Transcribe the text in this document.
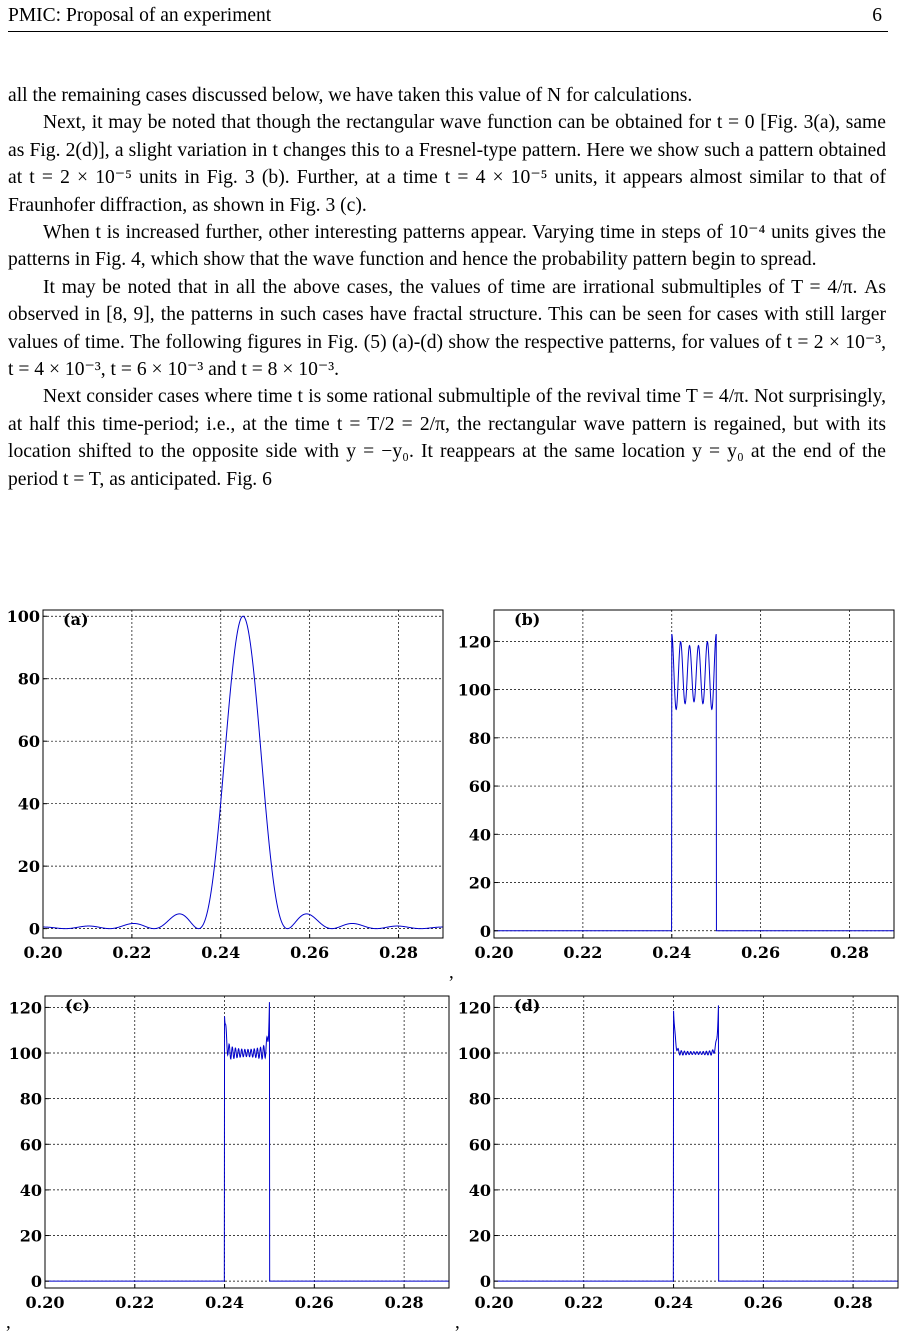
PMIC: Proposal of an experiment	6

all the remaining cases discussed below, we have taken this value of N for calculations.

Next, it may be noted that though the rectangular wave function can be obtained for t = 0 [Fig. 3(a), same as Fig. 2(d)], a slight variation in t changes this to a Fresnel-type pattern. Here we show such a pattern obtained at t = 2 × 10⁻⁵ units in Fig. 3 (b). Further, at a time t = 4 × 10⁻⁵ units, it appears almost similar to that of Fraunhofer diffraction, as shown in Fig. 3 (c).

When t is increased further, other interesting patterns appear. Varying time in steps of 10⁻⁴ units gives the patterns in Fig. 4, which show that the wave function and hence the probability pattern begin to spread.

It may be noted that in all the above cases, the values of time are irrational submultiples of T = 4/π. As observed in [8, 9], the patterns in such cases have fractal structure. This can be seen for cases with still larger values of time. The following figures in Fig. (5) (a)-(d) show the respective patterns, for values of t = 2 × 10⁻³, t = 4 × 10⁻³, t = 6 × 10⁻³ and t = 8 × 10⁻³.

Next consider cases where time t is some rational submultiple of the revival time T = 4/π. Not surprisingly, at half this time-period; i.e., at the time t = T/2 = 2/π, the rectangular wave pattern is regained, but with its location shifted to the opposite side with y = −y₀. It reappears at the same location y = y₀ at the end of the period t = T, as anticipated. Fig. 6

0.20	0.22	0.24	0.26	0.28
0
20
40
60
80
100 (a)
0.20	0.22	0.24	0.26	0.28
0
20
40
60
80
100
120
(b)
0.20	0.22	0.24	0.26	0.28
0
20
40
60
80
100
120 (c)
0.20	0.22	0.24	0.26	0.28
0
20
40
60
80
100
120 (d)
,
,	,
